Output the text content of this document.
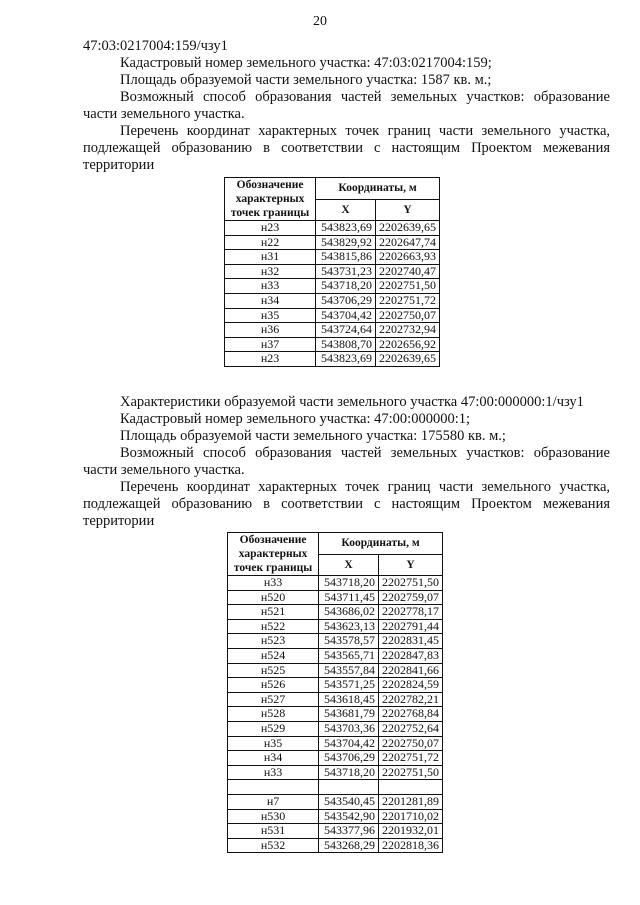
20

47:03:0217004:159/чзу1

Кадастровый номер земельного участка: 47:03:0217004:159;

Площадь образуемой части земельного участка: 1587 кв. м.;

Возможный способ образования частей земельных участков: образование части земельного участка.

Перечень координат характерных точек границ части земельного участка, подлежащей образованию в соответствии с настоящим Проектом межевания территории

Обозначение характерных точек границы	Координаты, м	
	X	Y
н23	543823,69	2202639,65
н22	543829,92	2202647,74
н31	543815,86	2202663,93
н32	543731,23	2202740,47
н33	543718,20	2202751,50
н34	543706,29	2202751,72
н35	543704,42	2202750,07
н36	543724,64	2202732,94
н37	543808,70	2202656,92
н23	543823,69	2202639,65

Характеристики образуемой части земельного участка 47:00:000000:1/чзу1

Кадастровый номер земельного участка: 47:00:000000:1;

Площадь образуемой части земельного участка: 175580 кв. м.;

Возможный способ образования частей земельных участков: образование части земельного участка.

Перечень координат характерных точек границ части земельного участка, подлежащей образованию в соответствии с настоящим Проектом межевания территории

Обозначение характерных точек границы	Координаты, м	
	X	Y
н33	543718,20	2202751,50
н520	543711,45	2202759,07
н521	543686,02	2202778,17
н522	543623,13	2202791,44
н523	543578,57	2202831,45
н524	543565,71	2202847,83
н525	543557,84	2202841,66
н526	543571,25	2202824,59
н527	543618,45	2202782,21
н528	543681,79	2202768,84
н529	543703,36	2202752,64
н35	543704,42	2202750,07
н34	543706,29	2202751,72
н33	543718,20	2202751,50

н7	543540,45	2201281,89
н530	543542,90	2201710,02
н531	543377,96	2201932,01
н532	543268,29	2202818,36
